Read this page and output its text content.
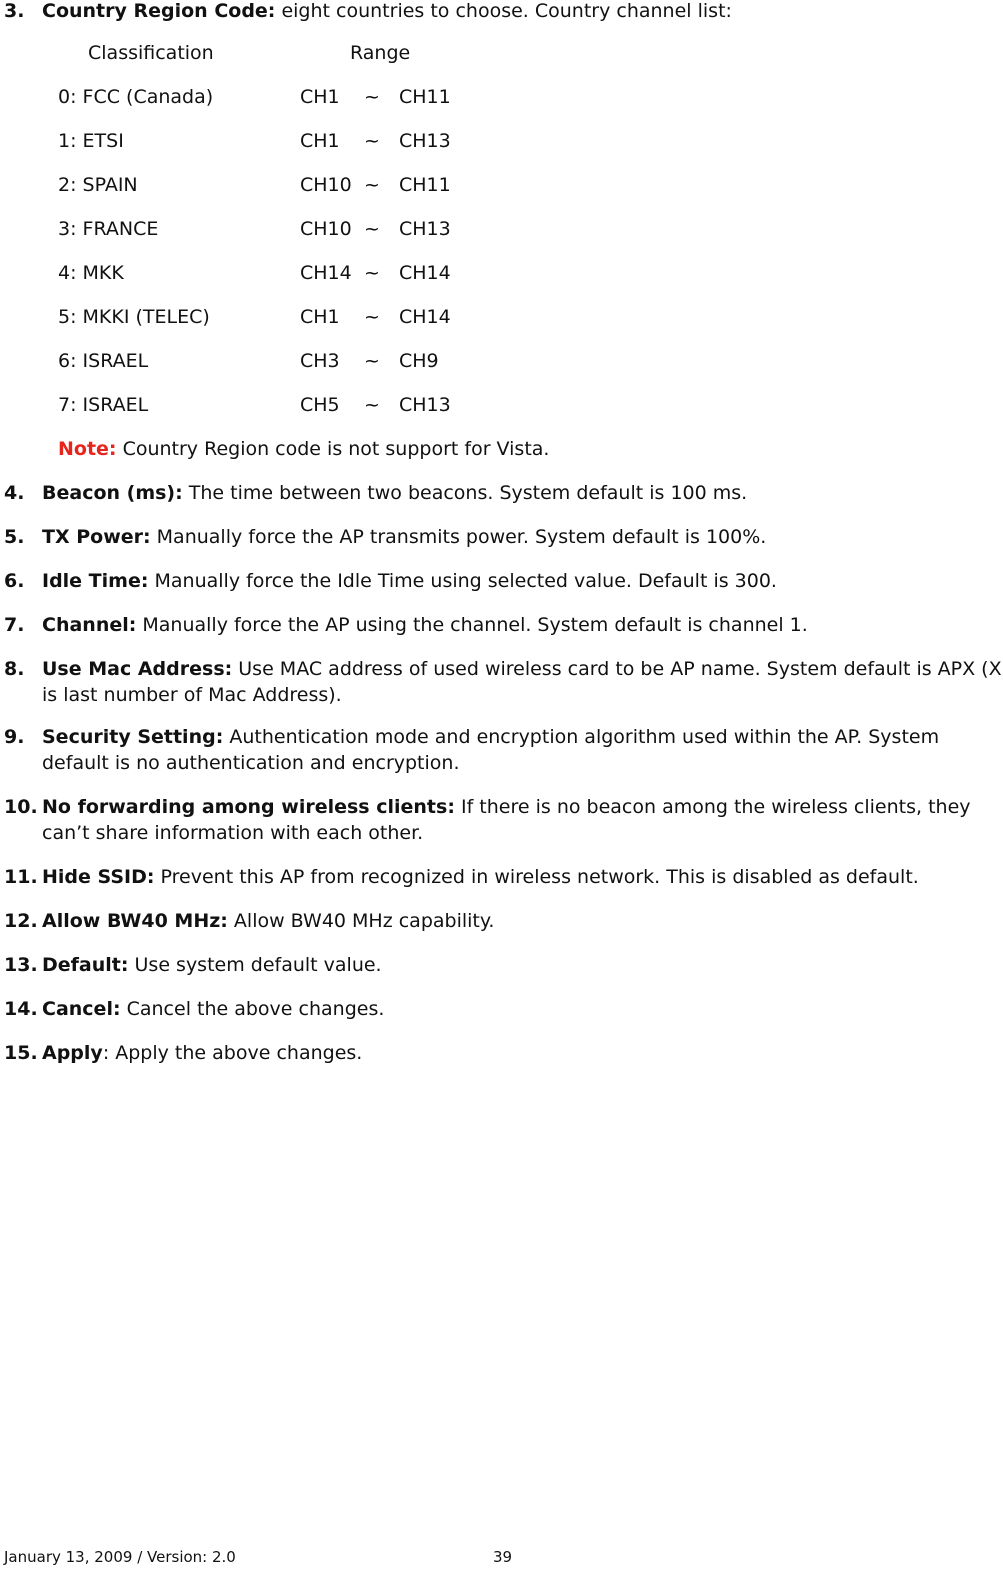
3. Country Region Code: eight countries to choose. Country channel list:
Classification	Range
0: FCC (Canada)	CH1 ~ CH11
1: ETSI	CH1 ~ CH13
2: SPAIN	CH10 ~ CH11
3: FRANCE	CH10 ~ CH13
4: MKK	CH14 ~ CH14
5: MKKI (TELEC)	CH1 ~ CH14
6: ISRAEL	CH3 ~ CH9
7: ISRAEL	CH5 ~ CH13
Note: Country Region code is not support for Vista.
4. Beacon (ms): The time between two beacons. System default is 100 ms.
5. TX Power: Manually force the AP transmits power. System default is 100%.
6. Idle Time: Manually force the Idle Time using selected value. Default is 300.
7. Channel: Manually force the AP using the channel. System default is channel 1.
8. Use Mac Address: Use MAC address of used wireless card to be AP name. System default is APX (X is last number of Mac Address).
9. Security Setting: Authentication mode and encryption algorithm used within the AP. System default is no authentication and encryption.
10. No forwarding among wireless clients: If there is no beacon among the wireless clients, they can’t share information with each other.
11. Hide SSID: Prevent this AP from recognized in wireless network. This is disabled as default.
12. Allow BW40 MHz: Allow BW40 MHz capability.
13. Default: Use system default value.
14. Cancel: Cancel the above changes.
15. Apply: Apply the above changes.
January 13, 2009 / Version: 2.0	39
